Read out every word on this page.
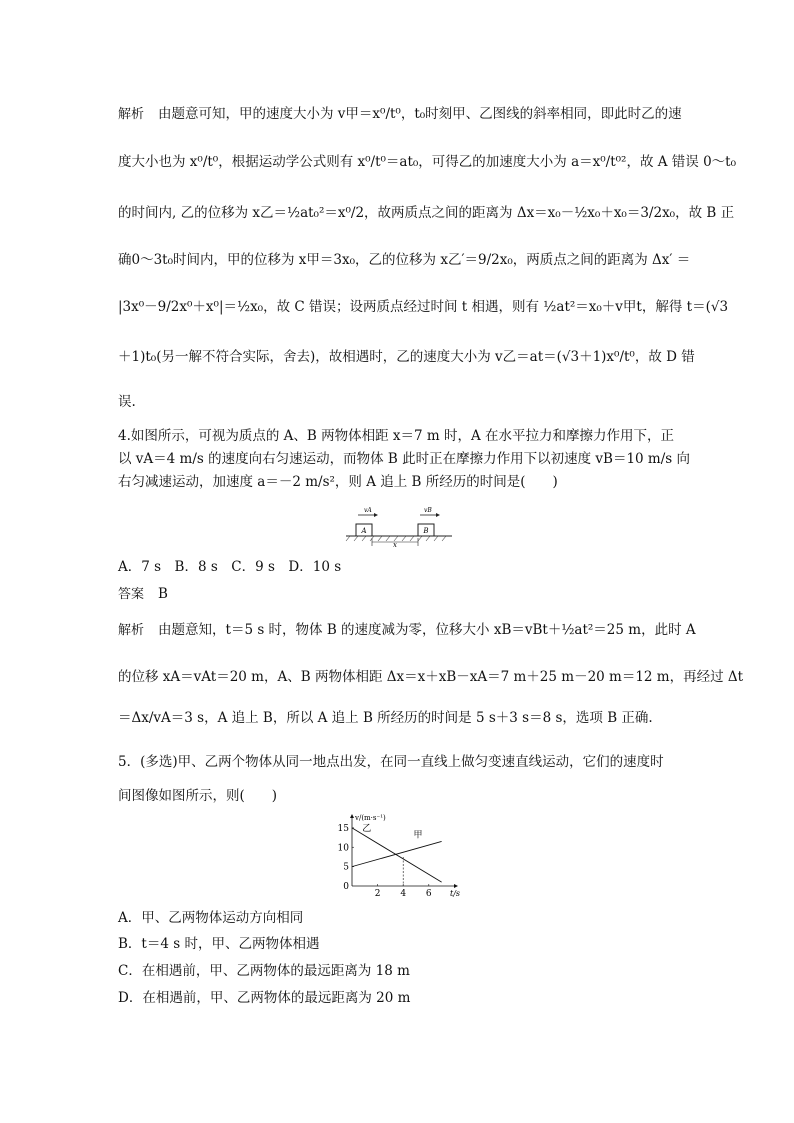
解析 由题意可知，甲的速度大小为 v甲＝x⁰/t⁰，t₀时刻甲、乙图线的斜率相同，即此时乙的速
度大小也为 x⁰/t⁰，根据运动学公式则有 x⁰/t⁰＝at₀，可得乙的加速度大小为 a＝x⁰/t⁰²，故 A 错误 0～t₀
的时间内, 乙的位移为 x乙＝½at₀²＝x⁰/2，故两质点之间的距离为 Δx＝x₀－½x₀＋x₀＝3/2x₀，故 B 正
确0～3t₀时间内，甲的位移为 x甲＝3x₀，乙的位移为 x乙′＝9/2x₀，两质点之间的距离为 Δx′ ＝
|3x⁰－9/2x⁰＋x⁰|＝½x₀，故 C 错误；设两质点经过时间 t 相遇，则有 ½at²＝x₀＋v甲t，解得 t＝(√3
＋1)t₀(另一解不符合实际，舍去)，故相遇时，乙的速度大小为 v乙＝at＝(√3＋1)x⁰/t⁰，故 D 错
误.
4.如图所示，可视为质点的 A、B 两物体相距 x＝7 m 时，A 在水平拉力和摩擦力作用下，正
以 vA＝4 m/s 的速度向右匀速运动，而物体 B 此时正在摩擦力作用下以初速度 vB＝10 m/s 向
右匀减速运动，加速度 a＝－2 m/s²，则 A 追上 B 所经历的时间是(　　)
A	B
vA	vB
x
A．7 s　B．8 s　C．9 s　D．10 s
答案 B
解析 由题意知，t＝5 s 时，物体 B 的速度减为零，位移大小 xB＝vBt＋½at²＝25 m，此时 A
的位移 xA＝vAt＝20 m，A、B 两物体相距 Δx＝x＋xB－xA＝7 m＋25 m－20 m＝12 m，再经过 Δt
＝Δx/vA＝3 s，A 追上 B，所以 A 追上 B 所经历的时间是 5 s＋3 s＝8 s，选项 B 正确.
5．(多选)甲、乙两个物体从同一地点出发，在同一直线上做匀变速直线运动，它们的速度时
间图像如图所示，则(　　)
0
5
10
15
2 4 6 t/s
v/(m·s⁻¹)
甲
乙
A．甲、乙两物体运动方向相同
B．t＝4 s 时，甲、乙两物体相遇
C．在相遇前，甲、乙两物体的最远距离为 18 m
D．在相遇前，甲、乙两物体的最远距离为 20 m
